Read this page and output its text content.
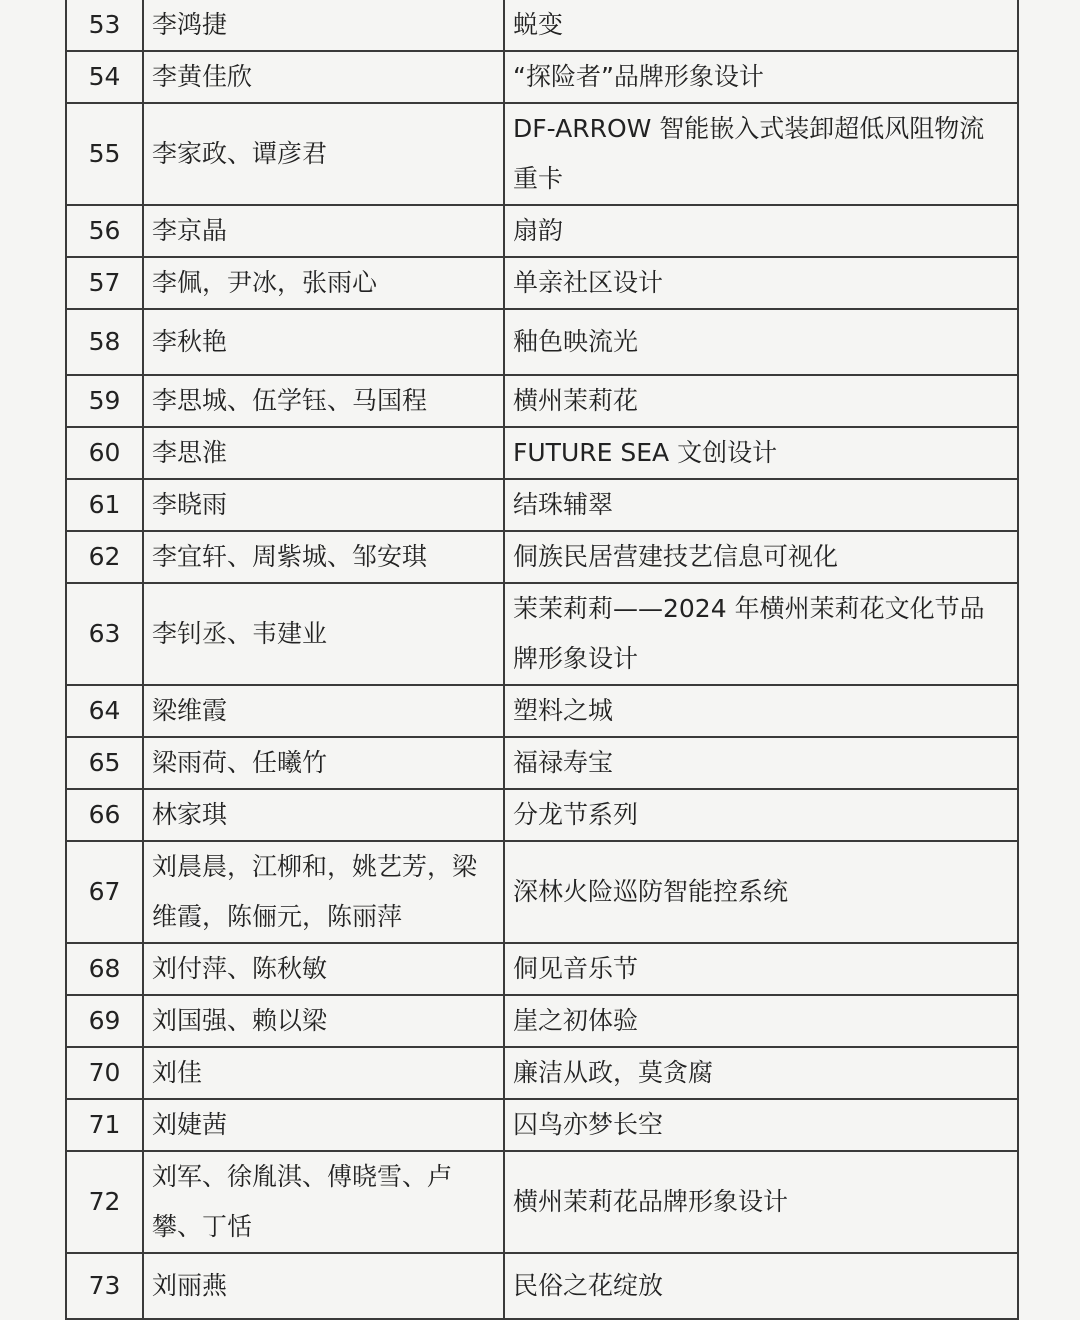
53	李鸿捷	蜕变
54	李黄佳欣	“探险者”品牌形象设计
55	李家政、谭彦君	DF-ARROW 智能嵌入式装卸超低风阻物流重卡
56	李京晶	扇韵
57	李佩，尹冰，张雨心	单亲社区设计
58	李秋艳	釉色映流光
59	李思城、伍学钰、马国程	横州茉莉花
60	李思淮	FUTURE SEA 文创设计
61	李晓雨	结珠辅翠
62	李宜轩、周紫城、邹安琪	侗族民居营建技艺信息可视化
63	李钊丞、韦建业	茉茉莉莉——2024 年横州茉莉花文化节品牌形象设计
64	梁维霞	塑料之城
65	梁雨荷、任曦竹	福禄寿宝
66	林家琪	分龙节系列
67	刘晨晨，江柳和，姚艺芳，梁维霞，陈俪元，陈丽萍	深林火险巡防智能控系统
68	刘付萍、陈秋敏	侗见音乐节
69	刘国强、赖以梁	崖之初体验
70	刘佳	廉洁从政，莫贪腐
71	刘婕茜	囚鸟亦梦长空
72	刘军、徐胤淇、傅晓雪、卢攀、丁恬	横州茉莉花品牌形象设计
73	刘丽燕	民俗之花绽放
